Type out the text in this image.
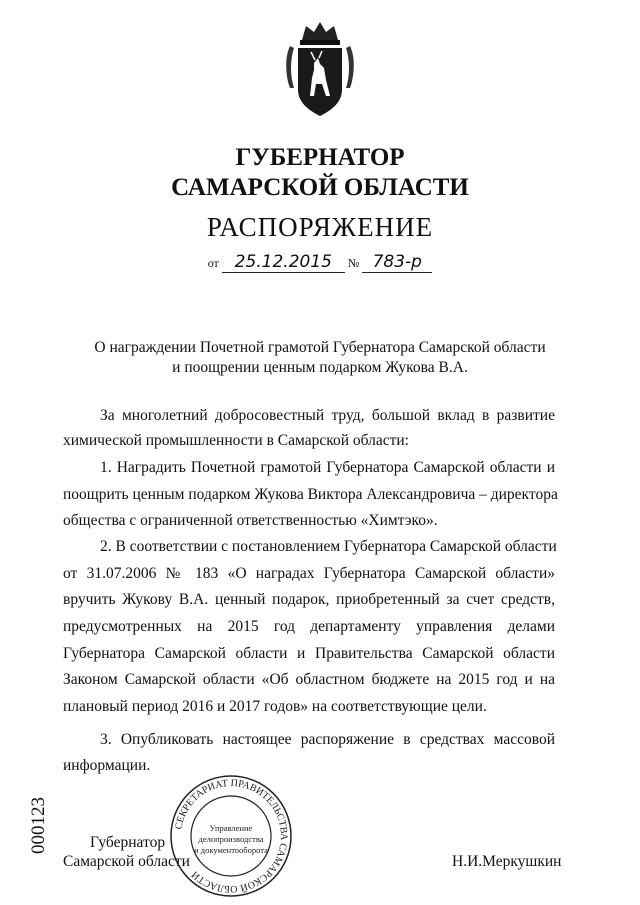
ГУБЕРНАТОР
САМАРСКОЙ ОБЛАСТИ
РАСПОРЯЖЕНИЕ
от 25.12.2015 № 783-р
О награждении Почетной грамотой Губернатора Самарской области
и поощрении ценным подарком Жукова В.А.
За многолетний добросовестный труд, большой вклад в развитие
химической промышленности в Самарской области:
1. Наградить Почетной грамотой Губернатора Самарской области и
поощрить ценным подарком Жукова Виктора Александровича – директора
общества с ограниченной ответственностью «Химтэко».
2. В соответствии с постановлением Губернатора Самарской области
от 31.07.2006 № 183 «О наградах Губернатора Самарской области»
вручить Жукову В.А. ценный подарок, приобретенный за счет средств,
предусмотренных на 2015 год департаменту управления делами
Губернатора Самарской области и Правительства Самарской области
Законом Самарской области «Об областном бюджете на 2015 год и на
плановый период 2016 и 2017 годов» на соответствующие цели.
3. Опубликовать настоящее распоряжение в средствах массовой
информации.
000123	Губернатор
Самарской области	Н.И.Меркушкин
СЕКРЕТАРИАТ ПРАВИТЕЛЬСТВА САМАРСКОЙ ОБЛАСТИ
Управление
делопроизводства
и документооборота
